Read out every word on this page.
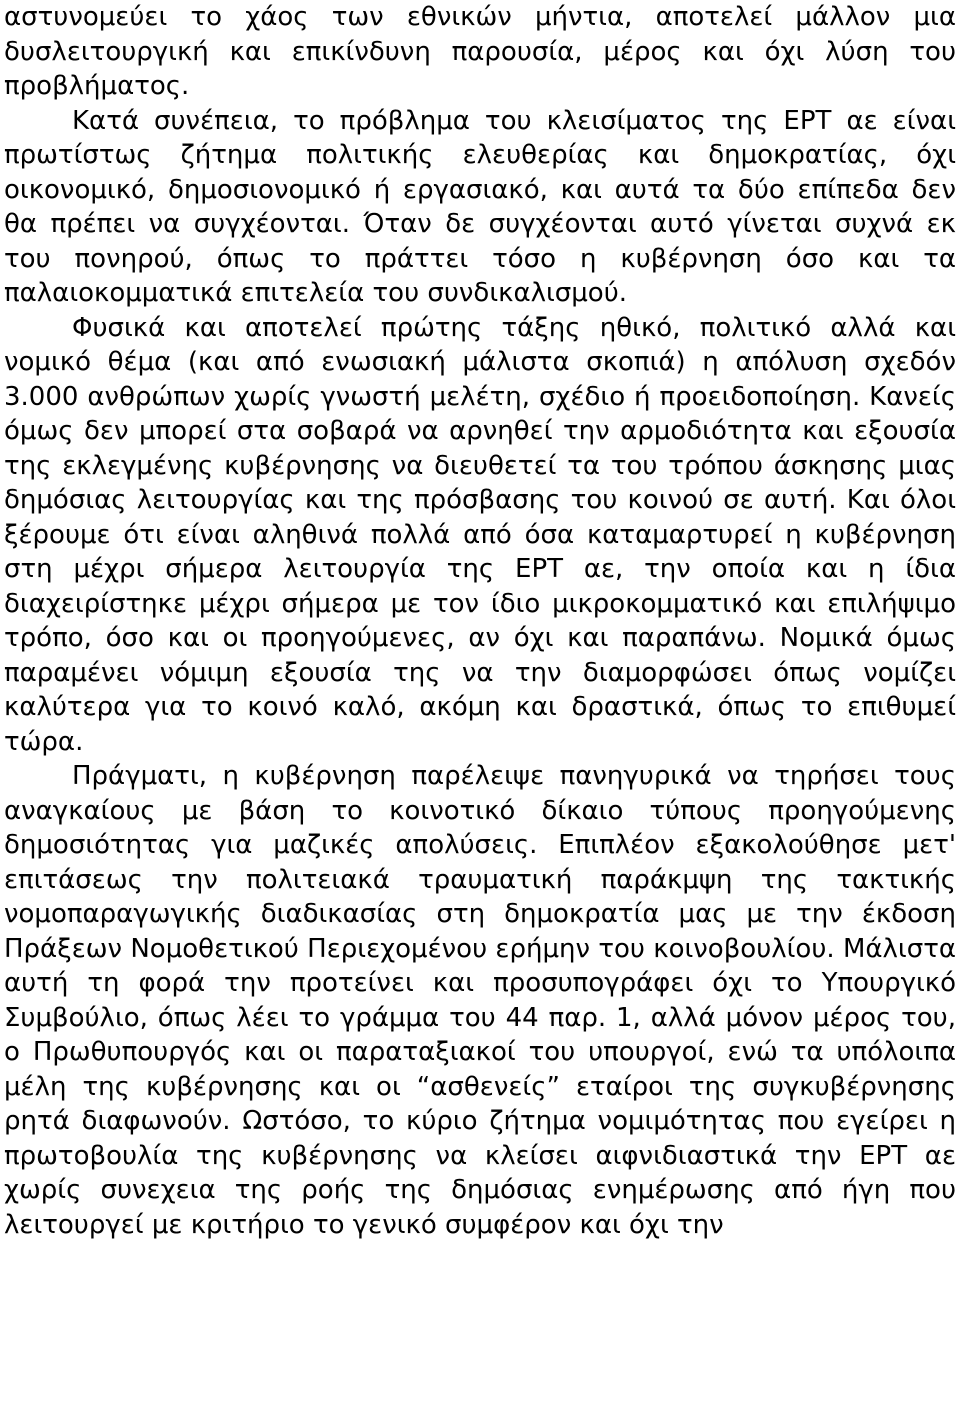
αστυνομεύει το χάος των εθνικών μήντια, αποτελεί μάλλον μια δυσλειτουργική και επικίνδυνη παρουσία, μέρος και όχι λύση του προβλήματος.

Κατά συνέπεια, το πρόβλημα του κλεισίματος της ΕΡΤ αε είναι πρωτίστως ζήτημα πολιτικής ελευθερίας και δημοκρατίας, όχι οικονομικό, δημοσιονομικό ή εργασιακό, και αυτά τα δύο επίπεδα δεν θα πρέπει να συγχέονται. Όταν δε συγχέονται αυτό γίνεται συχνά εκ του πονηρού, όπως το πράττει τόσο η κυβέρνηση όσο και τα παλαιοκομματικά επιτελεία του συνδικαλισμού.

Φυσικά και αποτελεί πρώτης τάξης ηθικό, πολιτικό αλλά και νομικό θέμα (και από ενωσιακή μάλιστα σκοπιά) η απόλυση σχεδόν 3.000 ανθρώπων χωρίς γνωστή μελέτη, σχέδιο ή προειδοποίηση. Κανείς όμως δεν μπορεί στα σοβαρά να αρνηθεί την αρμοδιότητα και εξουσία της εκλεγμένης κυβέρνησης να διευθετεί τα του τρόπου άσκησης μιας δημόσιας λειτουργίας και της πρόσβασης του κοινού σε αυτή. Και όλοι ξέρουμε ότι είναι αληθινά πολλά από όσα καταμαρτυρεί η κυβέρνηση στη μέχρι σήμερα λειτουργία της ΕΡΤ αε, την οποία και η ίδια διαχειρίστηκε μέχρι σήμερα με τον ίδιο μικροκομματικό και επιλήψιμο τρόπο, όσο και οι προηγούμενες, αν όχι και παραπάνω. Νομικά όμως παραμένει νόμιμη εξουσία της να την διαμορφώσει όπως νομίζει καλύτερα για το κοινό καλό, ακόμη και δραστικά, όπως το επιθυμεί τώρα.

Πράγματι, η κυβέρνηση παρέλειψε πανηγυρικά να τηρήσει τους αναγκαίους με βάση το κοινοτικό δίκαιο τύπους προηγούμενης δημοσιότητας για μαζικές απολύσεις. Επιπλέον εξακολούθησε μετ' επιτάσεως την πολιτειακά τραυματική παράκμψη της τακτικής νομοπαραγωγικής διαδικασίας στη δημοκρατία μας με την έκδοση Πράξεων Νομοθετικού Περιεχομένου ερήμην του κοινοβουλίου. Μάλιστα αυτή τη φορά την προτείνει και προσυπογράφει όχι το Υπουργικό Συμβούλιο, όπως λέει το γράμμα του 44 παρ. 1, αλλά μόνον μέρος του, ο Πρωθυπουργός και οι παραταξιακοί του υπουργοί, ενώ τα υπόλοιπα μέλη της κυβέρνησης και οι “ασθενείς” εταίροι της συγκυβέρνησης ρητά διαφωνούν. Ωστόσο, το κύριο ζήτημα νομιμότητας που εγείρει η πρωτοβουλία της κυβέρνησης να κλείσει αιφνιδιαστικά την ΕΡΤ αε χωρίς συνεχεια της ροής της δημόσιας ενημέρωσης από ήγη που λειτουργεί με κριτήριο το γενικό συμφέρον και όχι την
